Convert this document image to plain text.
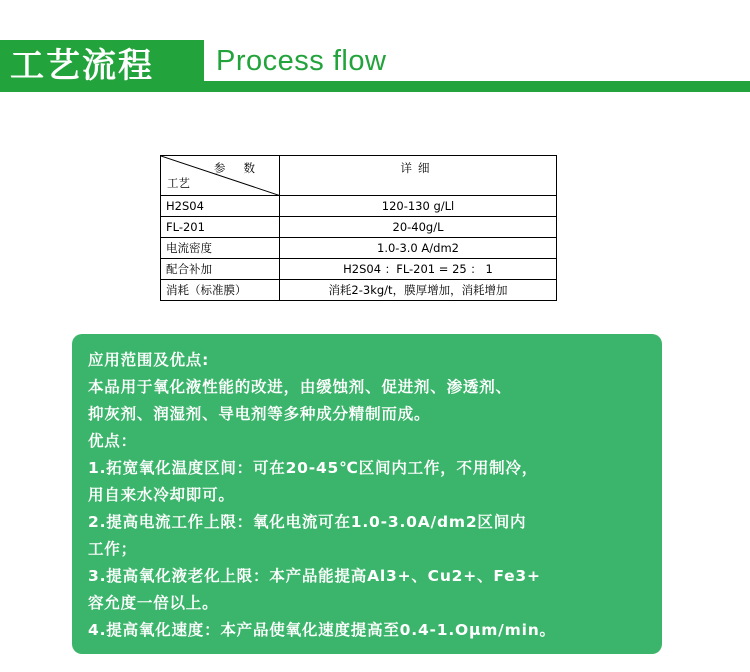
工艺流程 Process flow
参数
工艺	详细
H2S04	120-130 g/Ll
FL-201	20-40g/L
电流密度	1.0-3.0 A/dm2
配合补加	H2S04 ：FL-201 = 25 ： 1
消耗（标准膜）	消耗2-3kg/t，膜厚增加，消耗增加
应用范围及优点:
本品用于氧化液性能的改进，由缓蚀剂、促进剂、渗透剂、
抑灰剂、润湿剂、导电剂等多种成分精制而成。
优点：
1.拓宽氧化温度区间：可在20-45℃区间内工作，不用制冷，
用自来水冷却即可。
2.提高电流工作上限：氧化电流可在1.0-3.0A/dm2区间内
工作；
3.提高氧化液老化上限：本产品能提高Al3+、Cu2+、Fe3+
容允度一倍以上。
4.提高氧化速度：本产品使氧化速度提高至0.4-1.Oμm/min。
